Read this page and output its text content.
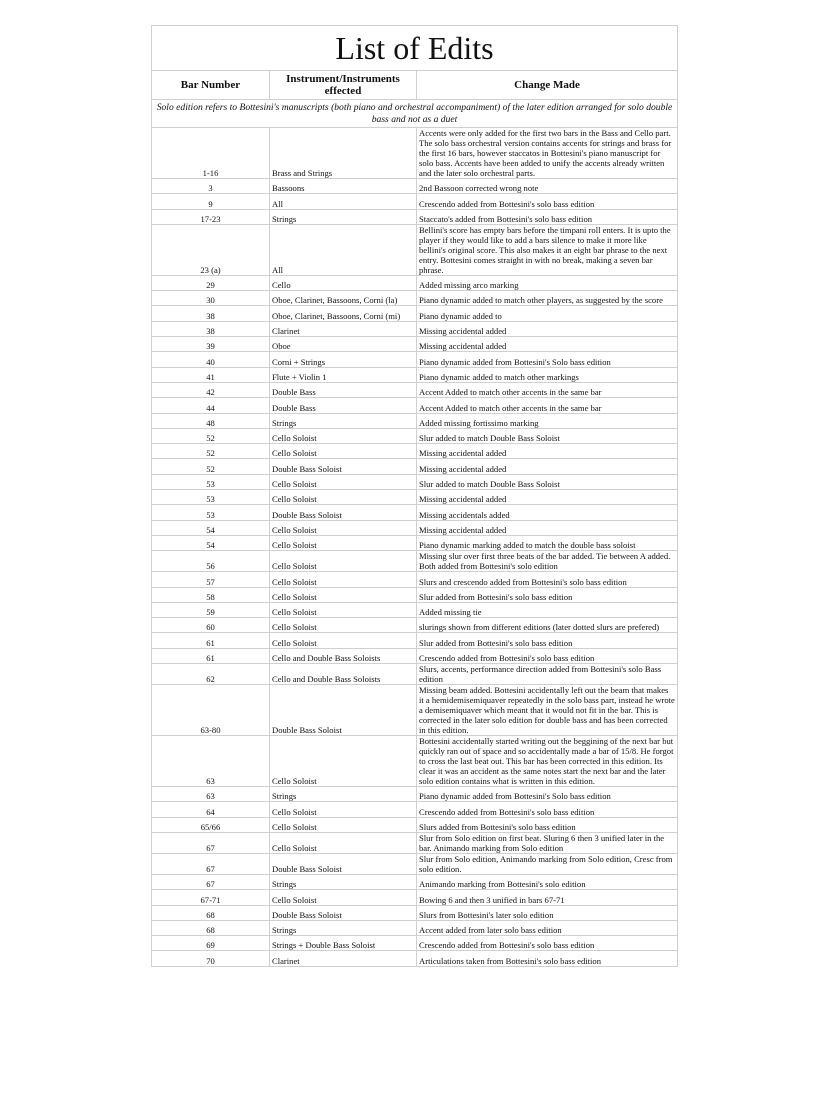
List of Edits		
Bar Number	Instrument/Instruments effected	Change Made
Solo edition refers to Bottesini's manuscripts (both piano and orchestral accompaniment) of the later edition arranged for solo double bass and not as a duet		
1-16	Brass and Strings	Accents were only added for the first two bars in the Bass and Cello part. The solo bass orchestral version contains accents for strings and brass for the first 16 bars, however staccatos in Bottesini's piano manuscript for solo bass. Accents have been added to unify the accents already written and the later solo orchestral parts.
3	Bassoons	2nd Bassoon corrected wrong note
9	All	Crescendo added from Bottesini's solo bass edition
17-23	Strings	Staccato's added from Bottesini's solo bass edition
23 (a)	All	Bellini's score has empty bars before the timpani roll enters. It is upto the player if they would like to add a bars silence to make it more like bellini's original score. This also makes it an eight bar phrase to the next entry. Bottesini comes straight in with no break, making a seven bar phrase.
29	Cello	Added missing arco marking
30	Oboe, Clarinet, Bassoons, Corni (la)	Piano dynamic added to match other players, as suggested by the score
38	Oboe, Clarinet, Bassoons, Corni (mi)	Piano dynamic added to
38	Clarinet	Missing accidental added
39	Oboe	Missing accidental added
40	Corni + Strings	Piano dynamic added from Bottesini's Solo bass edition
41	Flute + Violin 1	Piano dynamic added to match other markings
42	Double Bass	Accent Added to match other accents in the same bar
44	Double Bass	Accent Added to match other accents in the same bar
48	Strings	Added missing fortissimo marking
52	Cello Soloist	Slur added to match Double Bass Soloist
52	Cello Soloist	Missing accidental added
52	Double Bass Soloist	Missing accidental added
53	Cello Soloist	Slur added to match Double Bass Soloist
53	Cello Soloist	Missing accidental added
53	Double Bass Soloist	Missing accidentals added
54	Cello Soloist	Missing accidental added
54	Cello Soloist	Piano dynamic marking added to match the double bass soloist
56	Cello Soloist	Missing slur over first three beats of the bar added. Tie between A added. Both added from Bottesini's solo edition
57	Cello Soloist	Slurs and crescendo added from Bottesini's solo bass edition
58	Cello Soloist	Slur added from Bottesini's solo bass edition
59	Cello Soloist	Added missing tie
60	Cello Soloist	slurings shown from different editions (later dotted slurs are prefered)
61	Cello Soloist	Slur added from Bottesini's solo bass edition
61	Cello and Double Bass Soloists	Crescendo added from Bottesini's solo bass edition
62	Cello and Double Bass Soloists	Slurs, accents, performance direction added from Bottesini's solo Bass edition
63-80	Double Bass Soloist	Missing beam added. Bottesini accidentally left out the beam that makes it a hemidemisemiquaver repeatedly in the solo bass part, instead he wrote a demisemiquaver which meant that it would not fit in the bar. This is corrected in the later solo edition for double bass and has been corrected in this edition.
63	Cello Soloist	Bottesini accidentally started writing out the beggining of the next bar but quickly ran out of space and so accidentally made a bar of 15/8. He forgot to cross the last beat out. This bar has been corrected in this edition. Its clear it was an accident as the same notes start the next bar and the later solo edition contains what is written in this edition.
63	Strings	Piano dynamic added from Bottesini's Solo bass edition
64	Cello Soloist	Crescendo added from Bottesini's solo bass edition
65/66	Cello Soloist	Slurs added from Bottesini's solo bass edition
67	Cello Soloist	Slur from Solo edition on first beat. Sluring 6 then 3 unified later in the bar. Animando marking from Solo edition
67	Double Bass Soloist	Slur from Solo edition, Animando marking from Solo edition, Cresc from solo edition.
67	Strings	Animando marking from Bottesini's solo edition
67-71	Cello Soloist	Bowing 6 and then 3 unified in bars 67-71
68	Double Bass Soloist	Slurs from Bottesini's later solo edition
68	Strings	Accent added from later solo bass edition
69	Strings + Double Bass Soloist	Crescendo added from Bottesini's solo bass edition
70	Clarinet	Articulations taken from Bottesini's solo bass edition
